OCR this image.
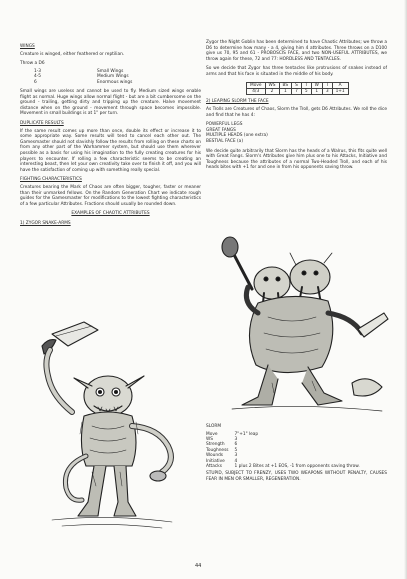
WINGS

Creature is winged, either feathered or reptilian.

Throw a D6

1-3	Small Wings
4-5	Medium Wings
6	Enormous wings

Small wings are useless and cannot be used to fly. Medium sized wings enable flight as normal. Huge wings allow normal flight - but are a bit cumbersome on the ground - trailing, getting dirty and tripping up the creature. Halve movement distance when on the ground - movement through space becomes impossible. Movement in small buildings is at 1" per turn.

DUPLICATE RESULTS

If the same result comes up more than once, double its effect or increase it to some appropriate way. Some results will tend to cancel each other out. The Gamesmaster should not slavishly follow the results from rolling on these charts on from any other part of the Warhammer system, but should use them wherever possible as a basis for using his imagination to the fully creating creatures for his players to encounter. If rolling a few characteristic seems to be creating an interesting beast, then let your own creativity take over to finish it off, and you will have the satisfaction of coming up with something really special.

FIGHTING CHARACTERISTICS

Creatures bearing the Mark of Chaos are often bigger, tougher, faster or meaner than their unmarked fellows. On the Random Generation Chart we indicate rough guides for the Gamesmaster for modifications to the lowest fighting characteristics of a few particular Attributes. Fractions should usually be rounded down.

EXAMPLES OF CHAOTIC ATTRIBUTES
1) ZYGOR SNAKE-ARMS

Zygor the Night Goblin has been determined to have Chaotic Attributes; we throw a D6 to determine how many - a 4, giving him 4 attributes. Three throws on a D100 give us 70, 95 and 61 - PROBOSCIS FACE, and two NON-USEFUL ATTRIBUTES, we throw again for these, 72 and 77: HORDLESS AND TENTACLES.

So we decide that Zygor has three tentacles like protrusions of snakes instead of arms and that his face is situated in the middle of his body.

Move	WS	BS	S	T	W	I	A
4/3	2	1	7	5	1	3	1+1
2) LEAPING SLORM THE FACE

As Trolls are Creatures of Chaos, Slorm the Troll, gets D6 Attributes. We roll the dice and find that he has 4:

POWERFUL LEGS
GREAT FANGS
MULTIPLE HEADS (one extra)
BESTIAL FACE (a)

We decide quite arbitrarily that Slorm has the heads of a Walrus, this fits quite well with Great Fangs. Slorm's Attributes give him plus one to his Attacks, Initiative and Toughness because the attributes of a normal Two-Headed Troll, and each of his heads bites with +1 for and one in from his opponents saving throw.

SLORM
Move	7"+1" leap
WS	3
Strength	6
Toughness	5
Wounds	3
Initiative	4
Attacks	1 plus 2 Bites at +1 EOS, -1 from opponents saving throw.

STUPID, SUBJECT TO FRENZY, USES TWO WEAPONS WITHOUT PENALTY, CAUSES FEAR IN MEN OR SMALLER, REGENERATION.

44
